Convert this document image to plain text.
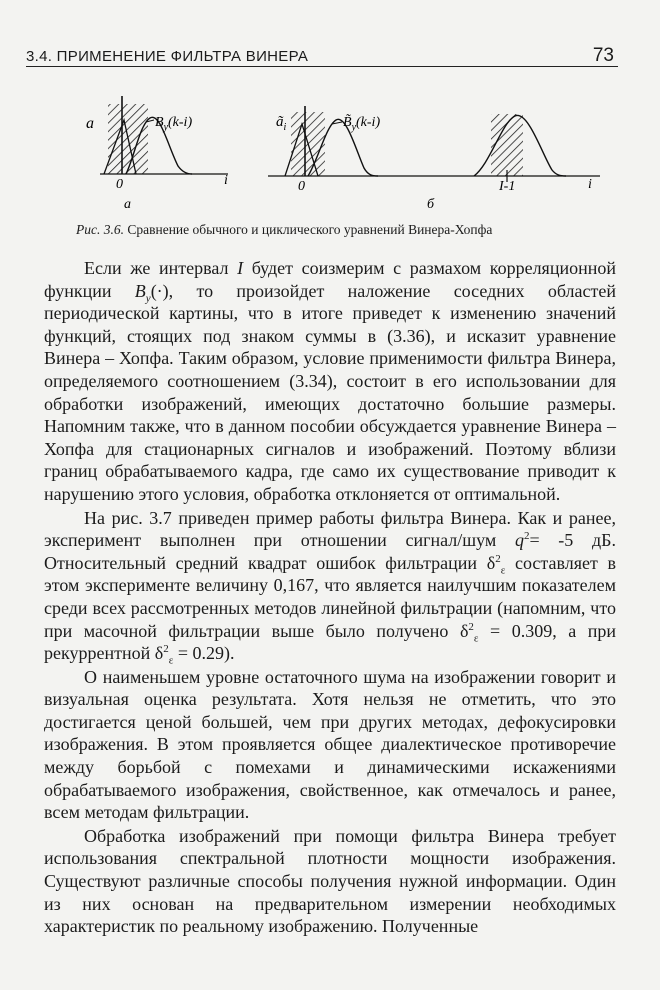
3.4. ПРИМЕНЕНИЕ ФИЛЬТРА ВИНЕРА	73
a	$B_y(k-i)$
0	i
а
$ã_i$	$B̃_y(k-i)$
0	I-1	i
б
Рис. 3.6. Сравнение обычного и циклического уравнений Винера-Хопфа

Если же интервал I будет соизмерим с размахом корреляционной функции $B_y(\cdot)$, то произойдет наложение соседних областей периодической картины, что в итоге приведет к изменению значений функций, стоящих под знаком суммы в (3.36), и исказит уравнение Винера – Хопфа. Таким образом, условие применимости фильтра Винера, определяемого соотношением (3.34), состоит в его использовании для обработки изображений, имеющих достаточно большие размеры. Напомним также, что в данном пособии обсуждается уравнение Винера – Хопфа для стационарных сигналов и изображений. Поэтому вблизи границ обрабатываемого кадра, где само их существование приводит к нарушению этого условия, обработка отклоняется от оптимальной.

На рис. 3.7 приведен пример работы фильтра Винера. Как и ранее, эксперимент выполнен при отношении сигнал/шум $q^2= -5$ дБ. Относительный средний квадрат ошибок фильтрации $\delta^2_\varepsilon$ составляет в этом эксперименте величину 0,167, что является наилучшим показателем среди всех рассмотренных методов линейной фильтрации (напомним, что при масочной фильтрации выше было получено $\delta^2_\varepsilon = 0.309$, а при рекуррентной $\delta^2_\varepsilon = 0.29$).

О наименьшем уровне остаточного шума на изображении говорит и визуальная оценка результата. Хотя нельзя не отметить, что это достигается ценой большей, чем при других методах, дефокусировки изображения. В этом проявляется общее диалектическое противоречие между борьбой с помехами и динамическими искажениями обрабатываемого изображения, свойственное, как отмечалось и ранее, всем методам фильтрации.

Обработка изображений при помощи фильтра Винера требует использования спектральной плотности мощности изображения. Существуют различные способы получения нужной информации. Один из них основан на предварительном измерении необходимых характеристик по реальному изображению. Полученные
